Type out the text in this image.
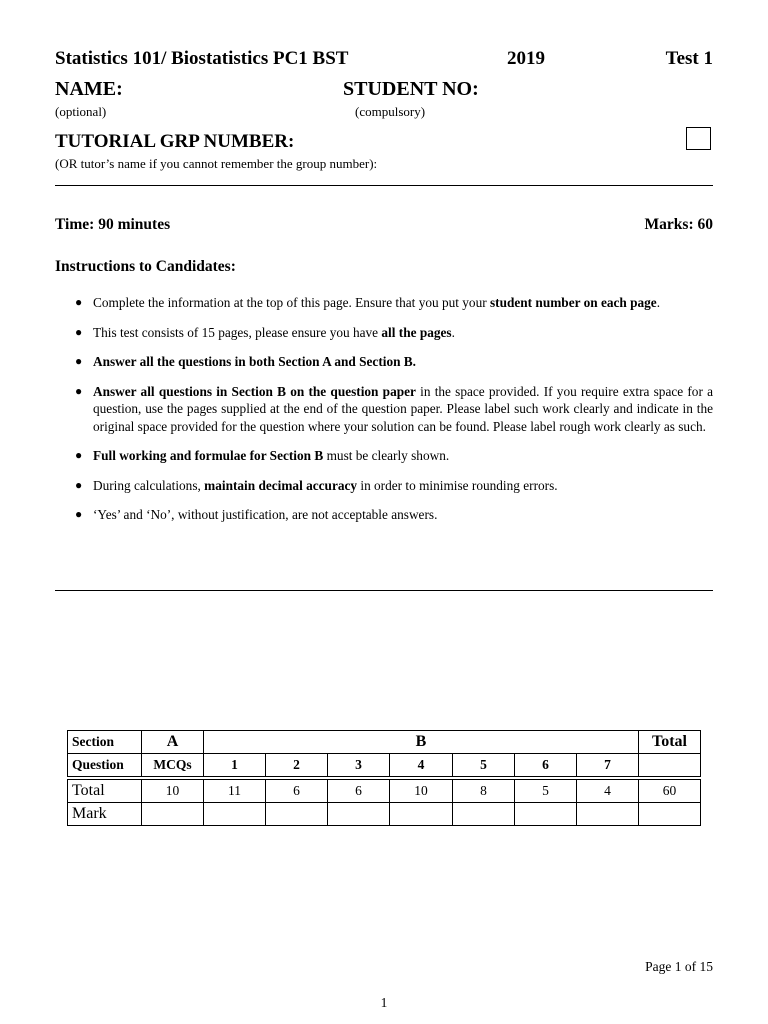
Statistics 101/ Biostatistics PC1 BST	2019	Test 1
NAME:	STUDENT NO:
(optional)	(compulsory)
TUTORIAL GRP NUMBER:
(OR tutor’s name if you cannot remember the group number):
Time: 90 minutes	Marks: 60
Instructions to Candidates:
● Complete the information at the top of this page. Ensure that you put your student number on each page.
● This test consists of 15 pages, please ensure you have all the pages.
● Answer all the questions in both Section A and Section B.
● Answer all questions in Section B on the question paper in the space provided. If you require extra space for a question, use the pages supplied at the end of the question paper. Please label such work clearly and indicate in the original space provided for the question where your solution can be found. Please label rough work clearly as such.
● Full working and formulae for Section B must be clearly shown.
● During calculations, maintain decimal accuracy in order to minimise rounding errors.
● ‘Yes’ and ‘No’, without justification, are not acceptable answers.
Section	A	B							Total
Question	MCQs	1	2	3	4	5	6	7	

Total	10	11	6	6	10	8	5	4	60
Mark									
Page 1 of 15
1
